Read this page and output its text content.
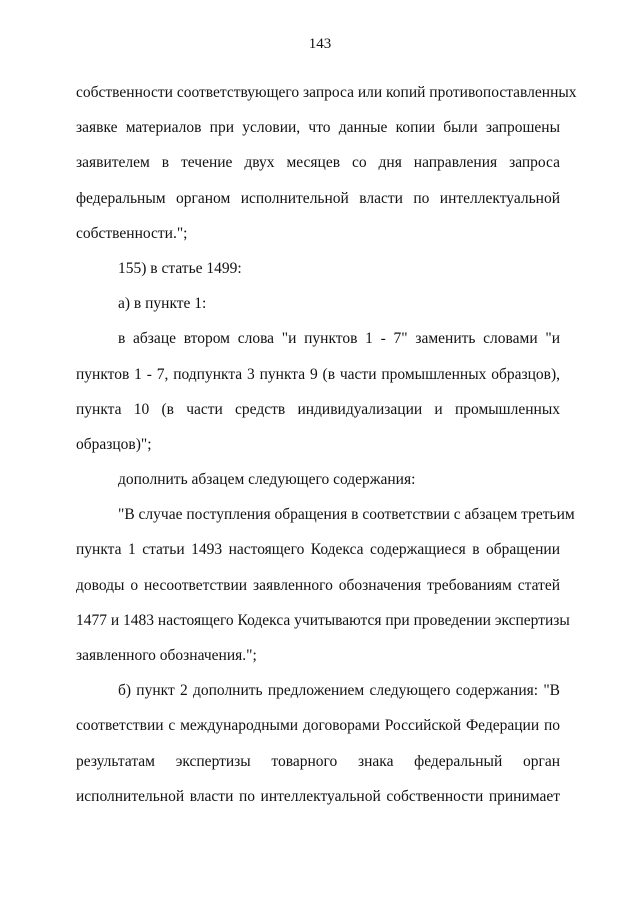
143
собственности соответствующего запроса или копий противопоставленных
заявке материалов при условии, что данные копии были запрошены
заявителем в течение двух месяцев со дня направления запроса
федеральным органом исполнительной власти по интеллектуальной
собственности.";
155) в статье 1499:
а) в пункте 1:
в абзаце втором слова "и пунктов 1 - 7" заменить словами "и
пунктов 1 - 7, подпункта 3 пункта 9 (в части промышленных образцов),
пункта 10 (в части средств индивидуализации и промышленных
образцов)";
дополнить абзацем следующего содержания:
"В случае поступления обращения в соответствии с абзацем третьим
пункта 1 статьи 1493 настоящего Кодекса содержащиеся в обращении
доводы о несоответствии заявленного обозначения требованиям статей
1477 и 1483 настоящего Кодекса учитываются при проведении экспертизы
заявленного обозначения.";
б) пункт 2 дополнить предложением следующего содержания: "В
соответствии с международными договорами Российской Федерации по
результатам экспертизы товарного знака федеральный орган
исполнительной власти по интеллектуальной собственности принимает
